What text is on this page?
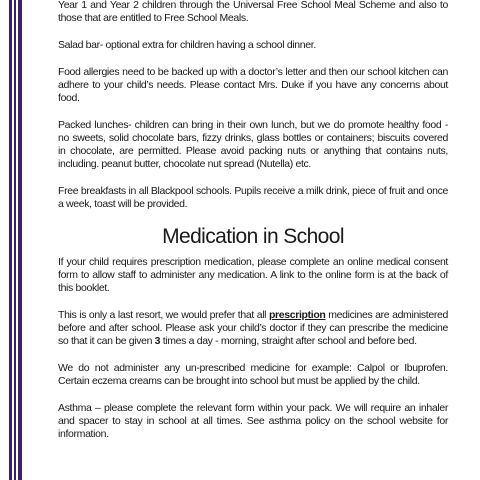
Year 1 and Year 2 children through the Universal Free School Meal Scheme and also to those that are entitled to Free School Meals.

Salad bar- optional extra for children having a school dinner.

Food allergies need to be backed up with a doctor’s letter and then our school kitchen can adhere to your child’s needs. Please contact Mrs. Duke if you have any concerns about food.

Packed lunches- children can bring in their own lunch, but we do promote healthy food - no sweets, solid chocolate bars, fizzy drinks, glass bottles or containers; biscuits covered in chocolate, are permitted. Please avoid packing nuts or anything that contains nuts, including. peanut butter, chocolate nut spread (Nutella) etc.

Free breakfasts in all Blackpool schools. Pupils receive a milk drink, piece of fruit and once a week, toast will be provided.

Medication in School

If your child requires prescription medication, please complete an online medical consent form to allow staff to administer any medication. A link to the online form is at the back of this booklet.

This is only a last resort, we would prefer that all prescription medicines are administered before and after school. Please ask your child’s doctor if they can prescribe the medicine so that it can be given 3 times a day - morning, straight after school and before bed.

We do not administer any un-prescribed medicine for example: Calpol or Ibuprofen. Certain eczema creams can be brought into school but must be applied by the child.

Asthma – please complete the relevant form within your pack. We will require an inhaler and spacer to stay in school at all times. See asthma policy on the school website for information.
